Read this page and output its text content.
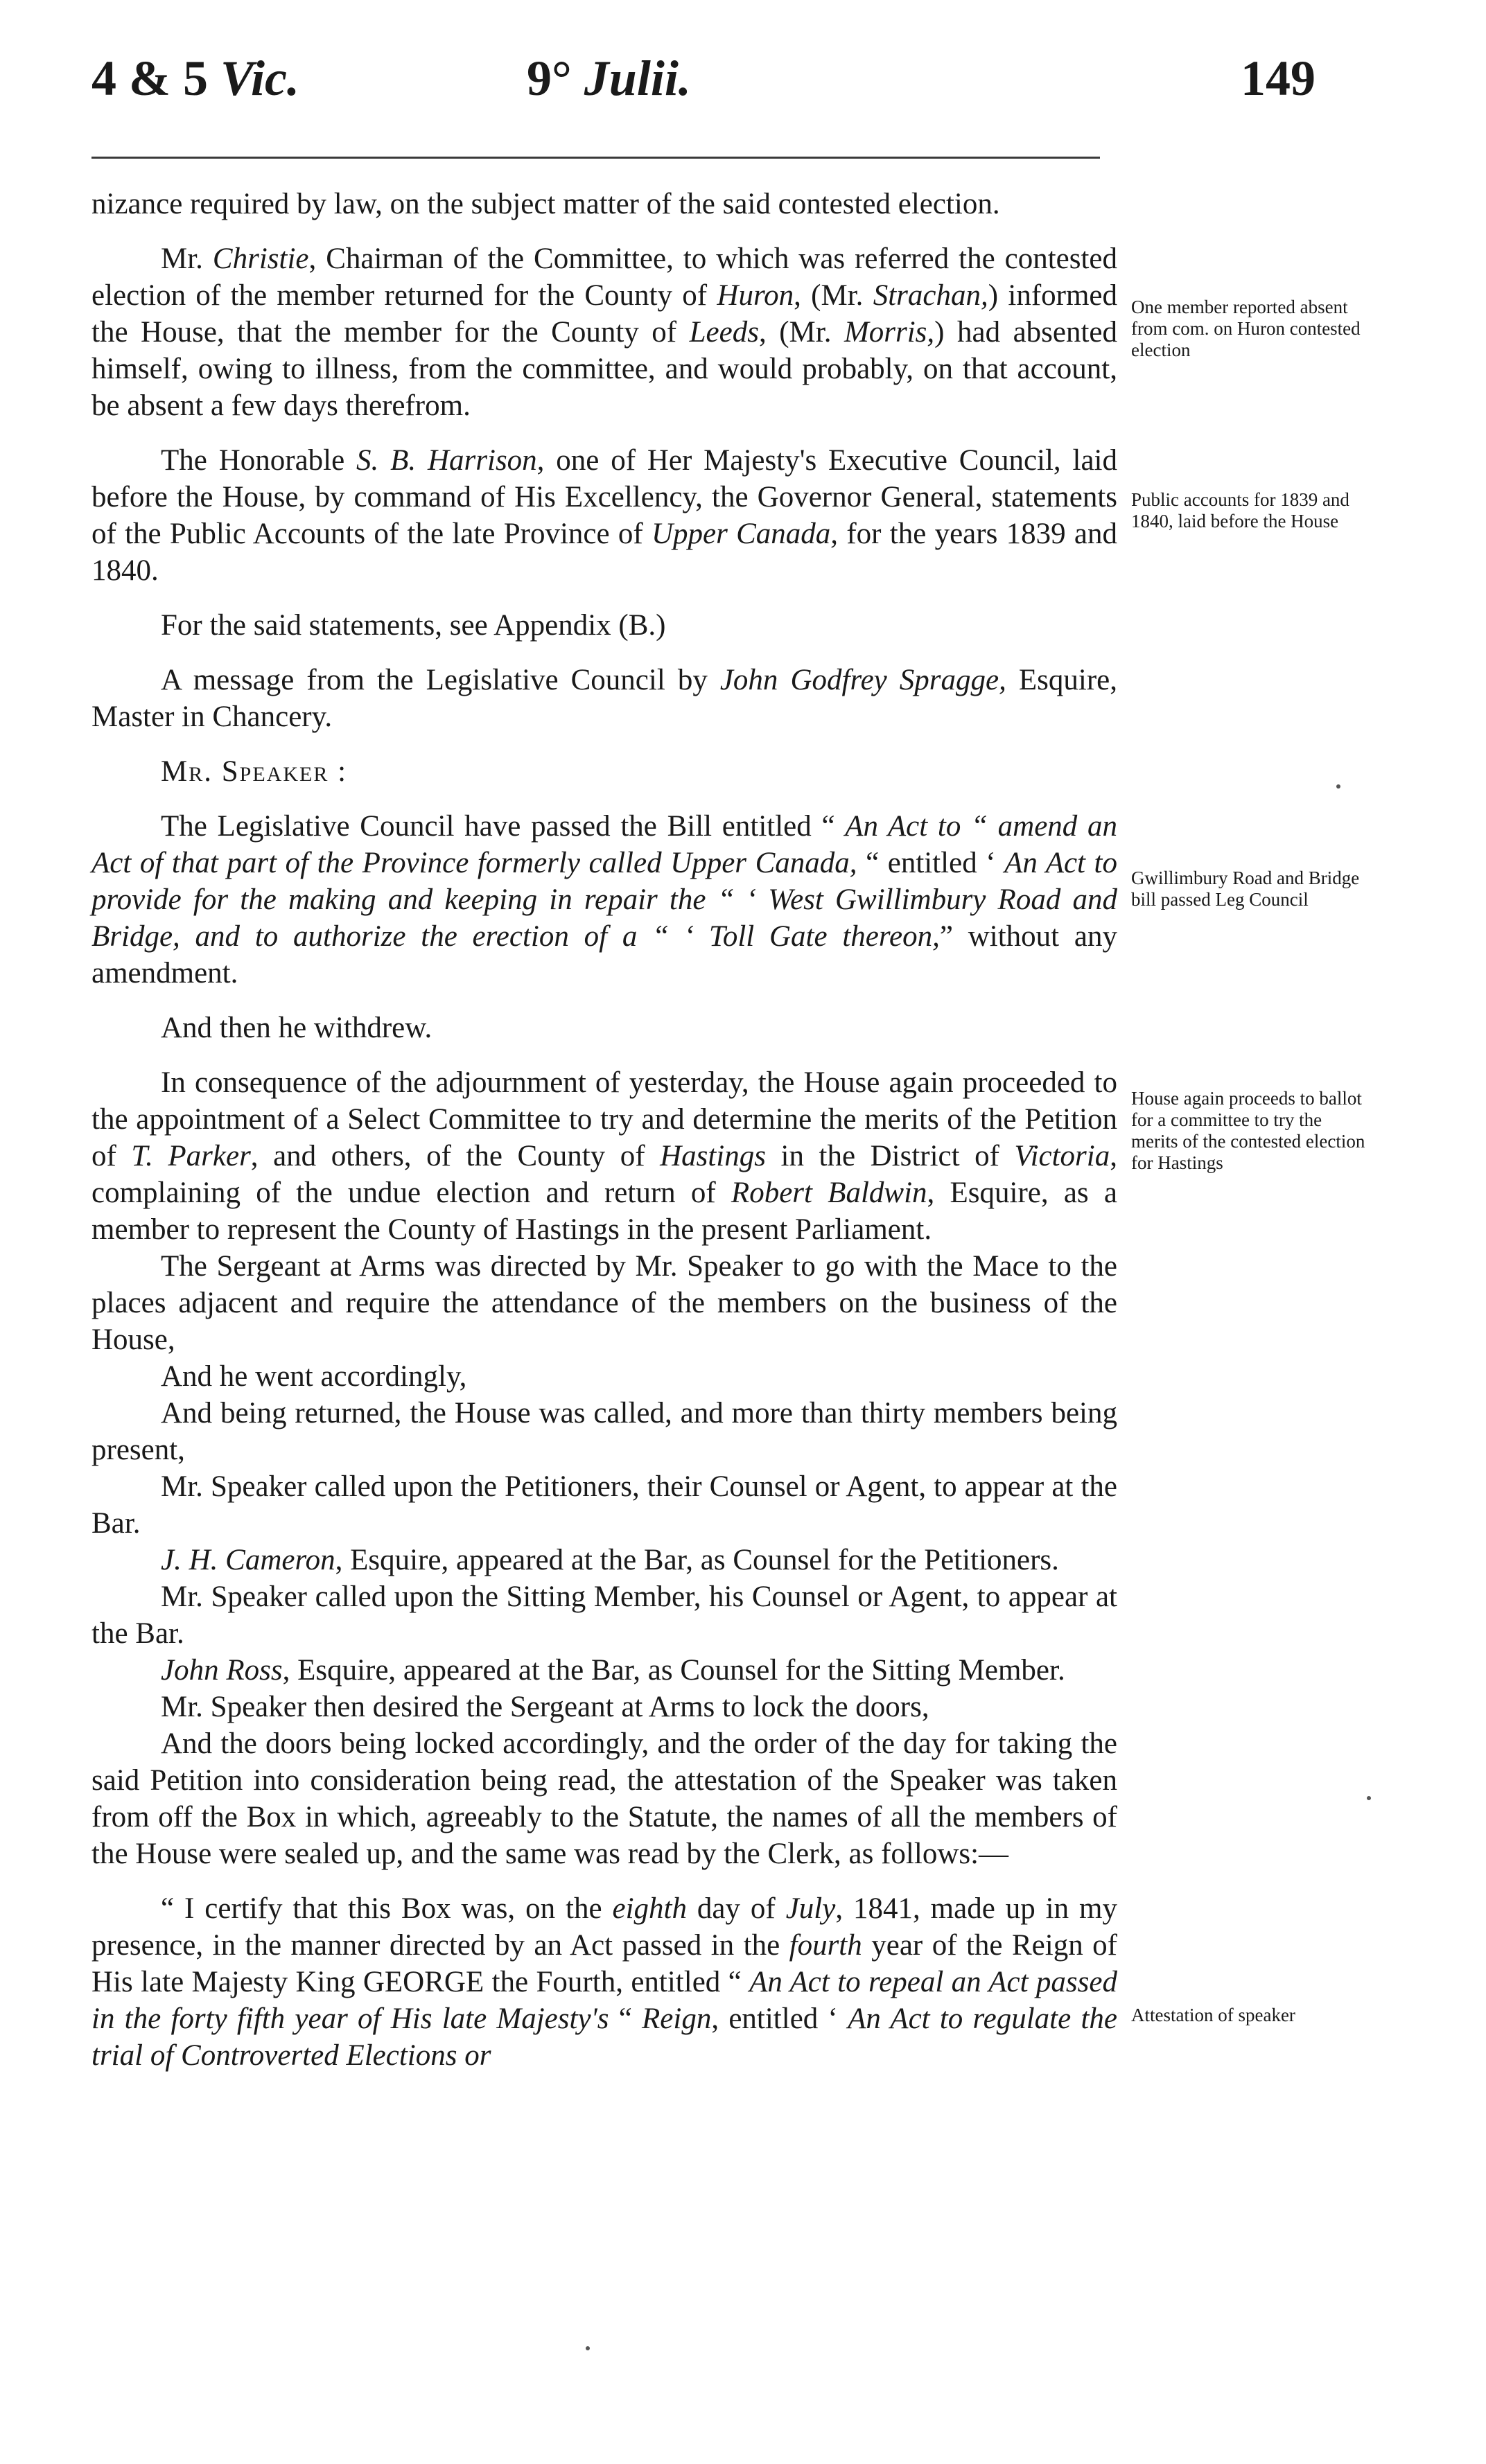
4 & 5 Vic.	9° Julii.	149

nizance required by law, on the subject matter of the said contested election.

Mr. Christie, Chairman of the Committee, to which was referred the contested election of the member returned for the County of Huron, (Mr. Strachan,) informed the House, that the member for the County of Leeds, (Mr. Morris,) had absented himself, owing to illness, from the committee, and would probably, on that account, be absent a few days therefrom.

The Honorable S. B. Harrison, one of Her Majesty's Executive Council, laid before the House, by command of His Excellency, the Governor General, statements of the Public Accounts of the late Province of Upper Canada, for the years 1839 and 1840.

For the said statements, see Appendix (B.)

A message from the Legislative Council by John Godfrey Spragge, Esquire, Master in Chancery.

Mr. Speaker :

The Legislative Council have passed the Bill entitled “ An Act to “ amend an Act of that part of the Province formerly called Upper Canada, “ entitled ‘ An Act to provide for the making and keeping in repair the “ ‘ West Gwillimbury Road and Bridge, and to authorize the erection of a “ ‘ Toll Gate thereon,” without any amendment.

And then he withdrew.

In consequence of the adjournment of yesterday, the House again proceeded to the appointment of a Select Committee to try and determine the merits of the Petition of T. Parker, and others, of the County of Hastings in the District of Victoria, complaining of the undue election and return of Robert Baldwin, Esquire, as a member to represent the County of Hastings in the present Parliament.

The Sergeant at Arms was directed by Mr. Speaker to go with the Mace to the places adjacent and require the attendance of the members on the business of the House,

And he went accordingly,

And being returned, the House was called, and more than thirty members being present,

Mr. Speaker called upon the Petitioners, their Counsel or Agent, to appear at the Bar.

J. H. Cameron, Esquire, appeared at the Bar, as Counsel for the Petitioners.

Mr. Speaker called upon the Sitting Member, his Counsel or Agent, to appear at the Bar.

John Ross, Esquire, appeared at the Bar, as Counsel for the Sitting Member.

Mr. Speaker then desired the Sergeant at Arms to lock the doors,

And the doors being locked accordingly, and the order of the day for taking the said Petition into consideration being read, the attestation of the Speaker was taken from off the Box in which, agreeably to the Statute, the names of all the members of the House were sealed up, and the same was read by the Clerk, as follows:—

“ I certify that this Box was, on the eighth day of July, 1841, made up in my presence, in the manner directed by an Act passed in the fourth year of the Reign of His late Majesty King GEORGE the Fourth, entitled “ An Act to repeal an Act passed in the forty fifth year of His late Majesty's “ Reign, entitled ‘ An Act to regulate the trial of Controverted Elections or

One member reported absent from com. on Huron contested election
Public accounts for 1839 and 1840, laid before the House
Gwillimbury Road and Bridge bill passed Leg Council
House again proceeds to ballot for a committee to try the merits of the contested election for Hastings
Attestation of speaker
